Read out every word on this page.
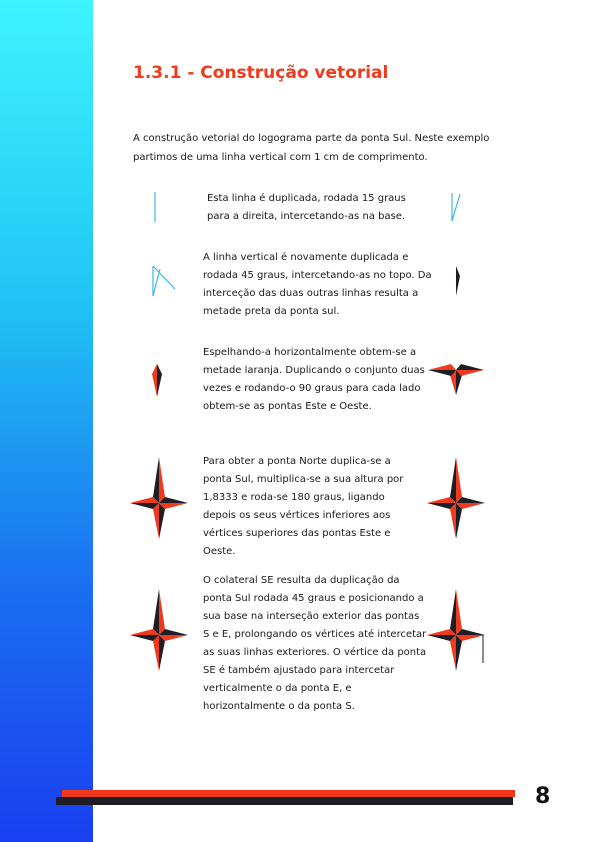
1.3.1 - Construção vetorial

A construção vetorial do logograma parte da ponta Sul. Neste exemplo partimos de uma linha vertical com 1 cm de comprimento.

Esta linha é duplicada, rodada 15 graus para a direita, intercetando-as na base.

A linha vertical é novamente duplicada e rodada 45 graus, intercetando-as no topo. Da interceção das duas outras linhas resulta a metade preta da ponta sul.

Espelhando-a horizontalmente obtem-se a metade laranja. Duplicando o conjunto duas vezes e rodando-o 90 graus para cada lado obtem-se as pontas Este e Oeste.

Para obter a ponta Norte duplica-se a ponta Sul, multiplica-se a sua altura por 1,8333 e roda-se 180 graus, ligando depois os seus vértices inferiores aos vértices superiores das pontas Este e Oeste.

O colateral SE resulta da duplicação da ponta Sul rodada 45 graus e posicionando a sua base na interseção exterior das pontas S e E, prolongando os vértices até intercetar as suas linhas exteriores. O vértice da ponta SE é também ajustado para intercetar verticalmente o da ponta E, e horizontalmente o da ponta S.

8
